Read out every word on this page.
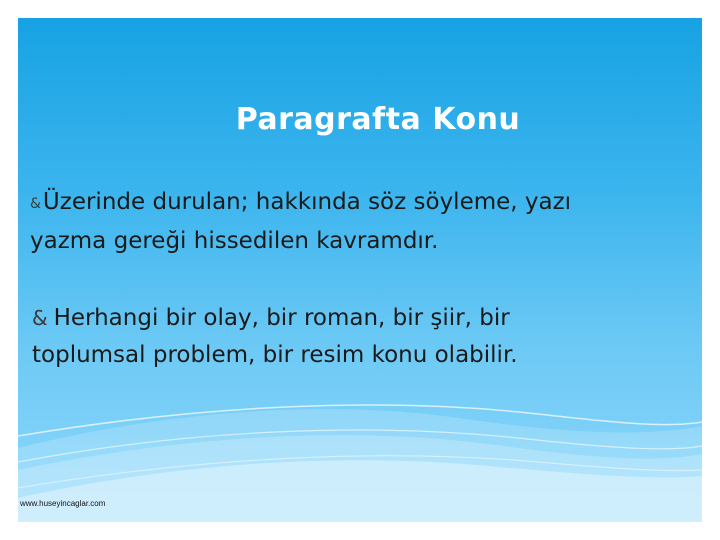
Paragrafta Konu
&Üzerinde durulan; hakkında söz söyleme, yazı
yazma gereği hissedilen kavramdır.
& Herhangi bir olay, bir roman, bir şiir, bir
toplumsal problem, bir resim konu olabilir.
www.huseyincaglar.com
